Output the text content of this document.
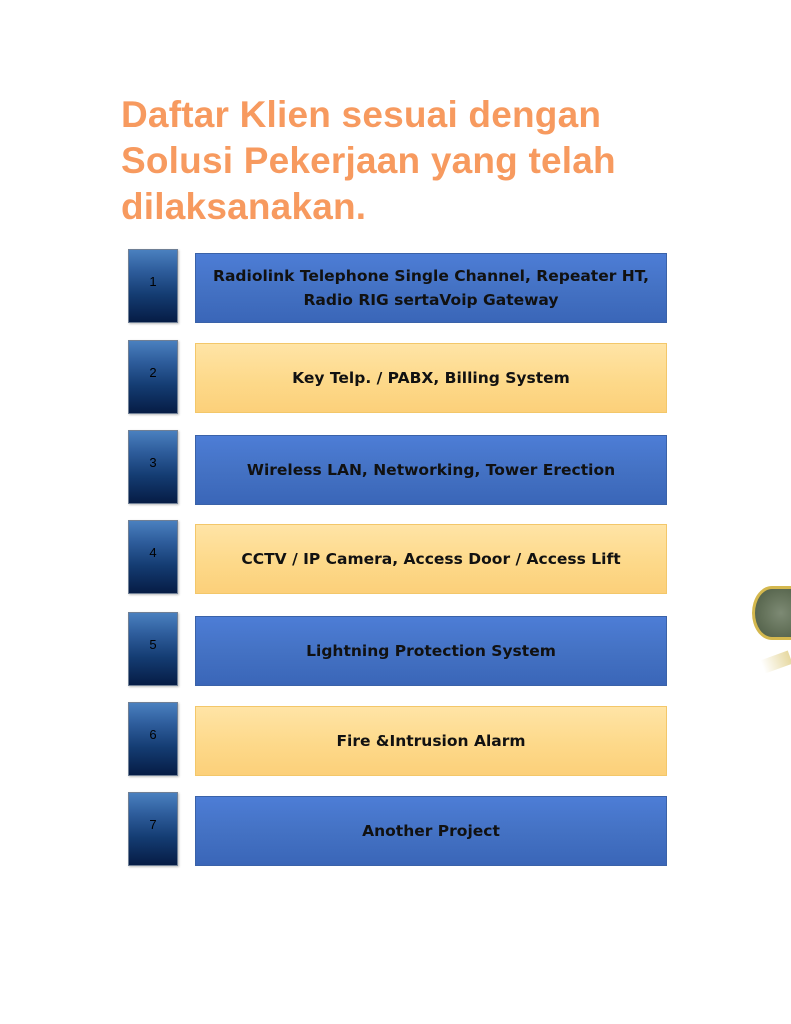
Daftar Klien sesuai dengan Solusi Pekerjaan yang telah dilaksanakan.
1	Radiolink Telephone Single Channel, Repeater HT, Radio RIG sertaVoip Gateway
2	Key Telp. / PABX, Billing System
3	Wireless LAN, Networking, Tower Erection
4	CCTV / IP Camera, Access Door / Access Lift
5	Lightning Protection System
6	Fire &Intrusion Alarm
7	Another Project
